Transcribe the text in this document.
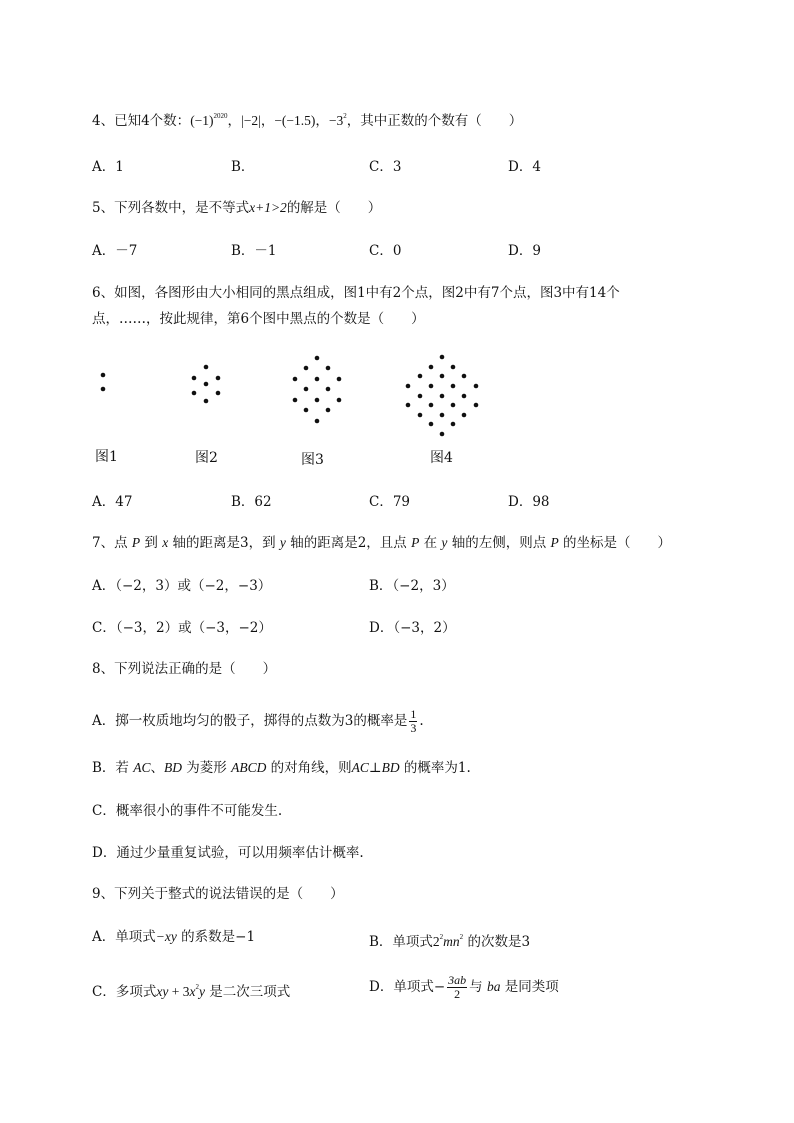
4、已知4个数：$(-1)^{2020}$，|−2|，−(−1.5)，$-3^2$，其中正数的个数有（　　）
A．1	B．	C．3	D．4
5、下列各数中，是不等式x+1>2的解是（　　）
A．－7	B．－1	C．0	D．9
6、如图，各图形由大小相同的黑点组成，图1中有2个点，图2中有7个点，图3中有14个
点，……，按此规律，第6个图中黑点的个数是（　　）
图1	图2	图3	图4
A．47	B．62	C．79	D．98
7、点 P 到 x 轴的距离是3，到 y 轴的距离是2，且点 P 在 y 轴的左侧，则点 P 的坐标是（　　）
A．（−2，3）或（−2，−3）	B．（−2，3）
C．（−3，2）或（−3，−2）	D．（−3，2）
8、下列说法正确的是（　　）
A．掷一枚质地均匀的骰子，掷得的点数为3的概率是 $\frac{1}{3}$ .
B．若 AC、BD 为菱形 ABCD 的对角线，则AC⊥BD 的概率为1.
C．概率很小的事件不可能发生.
D．通过少量重复试验，可以用频率估计概率.
9、下列关于整式的说法错误的是（　　）
A．单项式−xy 的系数是−1	B．单项式$2^2mn^2$ 的次数是3
C．多项式xy + $3x^2y$ 是二次三项式	D．单项式− $\frac{3ab}{2}$ 与 ba 是同类项
